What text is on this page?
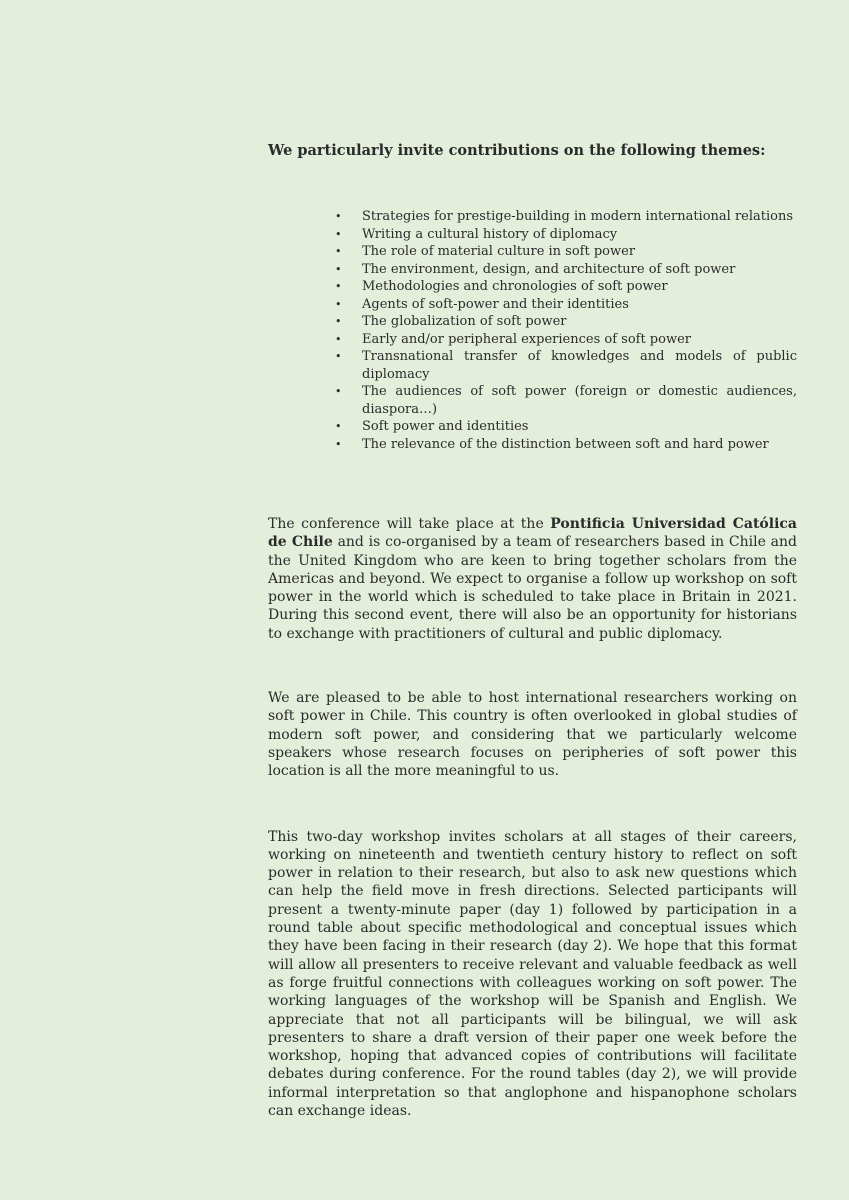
We particularly invite contributions on the following themes:

• Strategies for prestige-building in modern international relations
• Writing a cultural history of diplomacy
• The role of material culture in soft power
• The environment, design, and architecture of soft power
• Methodologies and chronologies of soft power
• Agents of soft-power and their identities
• The globalization of soft power
• Early and/or peripheral experiences of soft power
• Transnational transfer of knowledges and models of public diplomacy
• The audiences of soft power (foreign or domestic audiences, diaspora…)
• Soft power and identities
• The relevance of the distinction between soft and hard power

The conference will take place at the Pontificia Universidad Católica de Chile and is co-organised by a team of researchers based in Chile and the United Kingdom who are keen to bring together scholars from the Americas and beyond. We expect to organise a follow up workshop on soft power in the world which is scheduled to take place in Britain in 2021. During this second event, there will also be an opportunity for historians to exchange with practitioners of cultural and public diplomacy.

We are pleased to be able to host international researchers working on soft power in Chile. This country is often overlooked in global studies of modern soft power, and considering that we particularly welcome speakers whose research focuses on peripheries of soft power this location is all the more meaningful to us.

This two-day workshop invites scholars at all stages of their careers, working on nineteenth and twentieth century history to reflect on soft power in relation to their research, but also to ask new questions which can help the field move in fresh directions. Selected participants will present a twenty-minute paper (day 1) followed by participation in a round table about specific methodological and conceptual issues which they have been facing in their research (day 2). We hope that this format will allow all presenters to receive relevant and valuable feedback as well as forge fruitful connections with colleagues working on soft power. The working languages of the workshop will be Spanish and English. We appreciate that not all participants will be bilingual, we will ask presenters to share a draft version of their paper one week before the workshop, hoping that advanced copies of contributions will facilitate debates during conference. For the round tables (day 2), we will provide informal interpretation so that anglophone and hispanophone scholars can exchange ideas.
